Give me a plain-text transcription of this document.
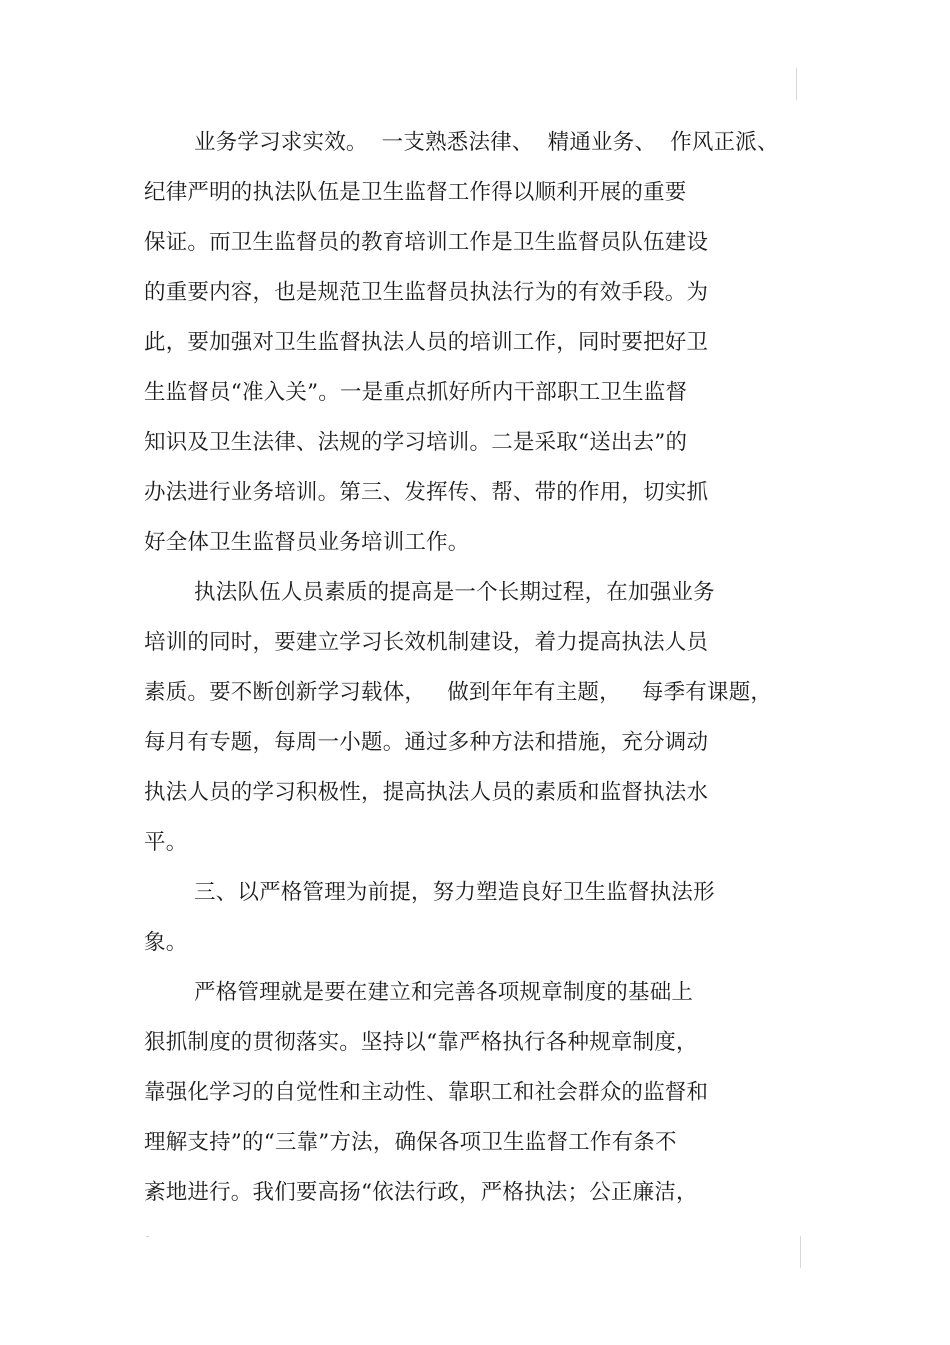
业务学习求实效。  一支熟悉法律、  精通业务、  作风正派、
纪律严明的执法队伍是卫生监督工作得以顺利开展的重要
保证。而卫生监督员的教育培训工作是卫生监督员队伍建设
的重要内容，也是规范卫生监督员执法行为的有效手段。为
此，要加强对卫生监督执法人员的培训工作，同时要把好卫
生监督员“准入关”。一是重点抓好所内干部职工卫生监督
知识及卫生法律、法规的学习培训。二是采取“送出去”的
办法进行业务培训。第三、发挥传、帮、带的作用，切实抓
好全体卫生监督员业务培训工作。
执法队伍人员素质的提高是一个长期过程，在加强业务
培训的同时，要建立学习长效机制建设，着力提高执法人员
素质。要不断创新学习载体，   做到年年有主题，   每季有课题，
每月有专题，每周一小题。通过多种方法和措施，充分调动
执法人员的学习积极性，提高执法人员的素质和监督执法水
平。
三、以严格管理为前提，努力塑造良好卫生监督执法形
象。
严格管理就是要在建立和完善各项规章制度的基础上
狠抓制度的贯彻落实。坚持以“靠严格执行各种规章制度，
靠强化学习的自觉性和主动性、靠职工和社会群众的监督和
理解支持”的“三靠”方法，确保各项卫生监督工作有条不
紊地进行。我们要高扬“依法行政，严格执法；公正廉洁，
